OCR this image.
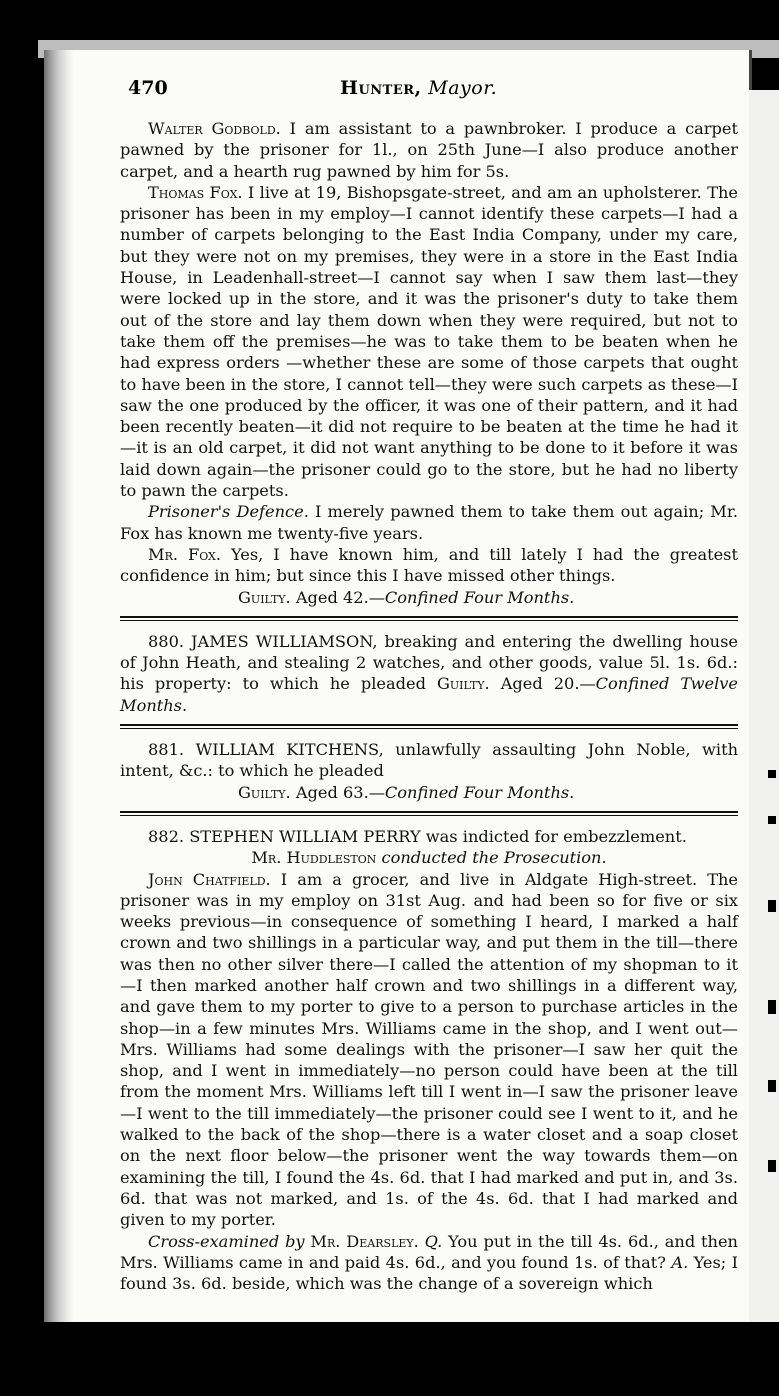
470	Hunter, Mayor.

Walter Godbold. I am assistant to a pawnbroker. I produce a carpet pawned by the prisoner for 1l., on 25th June—I also produce another carpet, and a hearth rug pawned by him for 5s.

Thomas Fox. I live at 19, Bishopsgate-street, and am an upholsterer. The prisoner has been in my employ—I cannot identify these carpets—I had a number of carpets belonging to the East India Company, under my care, but they were not on my premises, they were in a store in the East India House, in Leadenhall-street—I cannot say when I saw them last—they were locked up in the store, and it was the prisoner's duty to take them out of the store and lay them down when they were required, but not to take them off the premises—he was to take them to be beaten when he had express orders —whether these are some of those carpets that ought to have been in the store, I cannot tell—they were such carpets as these—I saw the one produced by the officer, it was one of their pattern, and it had been recently beaten—it did not require to be beaten at the time he had it—it is an old carpet, it did not want anything to be done to it before it was laid down again—the prisoner could go to the store, but he had no liberty to pawn the carpets.

Prisoner's Defence. I merely pawned them to take them out again; Mr. Fox has known me twenty-five years.

Mr. Fox. Yes, I have known him, and till lately I had the greatest confidence in him; but since this I have missed other things.

Guilty. Aged 42.—Confined Four Months.

880. JAMES WILLIAMSON, breaking and entering the dwelling house of John Heath, and stealing 2 watches, and other goods, value 5l. 1s. 6d.: his property: to which he pleaded Guilty. Aged 20.—Confined Twelve Months.

881. WILLIAM KITCHENS, unlawfully assaulting John Noble, with intent, &c.: to which he pleaded

Guilty. Aged 63.—Confined Four Months.

882. STEPHEN WILLIAM PERRY was indicted for embezzlement.

Mr. Huddleston conducted the Prosecution.

John Chatfield. I am a grocer, and live in Aldgate High-street. The prisoner was in my employ on 31st Aug. and had been so for five or six weeks previous—in consequence of something I heard, I marked a half crown and two shillings in a particular way, and put them in the till—there was then no other silver there—I called the attention of my shopman to it—I then marked another half crown and two shillings in a different way, and gave them to my porter to give to a person to purchase articles in the shop—in a few minutes Mrs. Williams came in the shop, and I went out—Mrs. Williams had some dealings with the prisoner—I saw her quit the shop, and I went in immediately—no person could have been at the till from the moment Mrs. Williams left till I went in—I saw the prisoner leave—I went to the till immediately—the prisoner could see I went to it, and he walked to the back of the shop—there is a water closet and a soap closet on the next floor below—the prisoner went the way towards them—on examining the till, I found the 4s. 6d. that I had marked and put in, and 3s. 6d. that was not marked, and 1s. of the 4s. 6d. that I had marked and given to my porter.

Cross-examined by Mr. Dearsley. Q. You put in the till 4s. 6d., and then Mrs. Williams came in and paid 4s. 6d., and you found 1s. of that? A. Yes; I found 3s. 6d. beside, which was the change of a sovereign which
